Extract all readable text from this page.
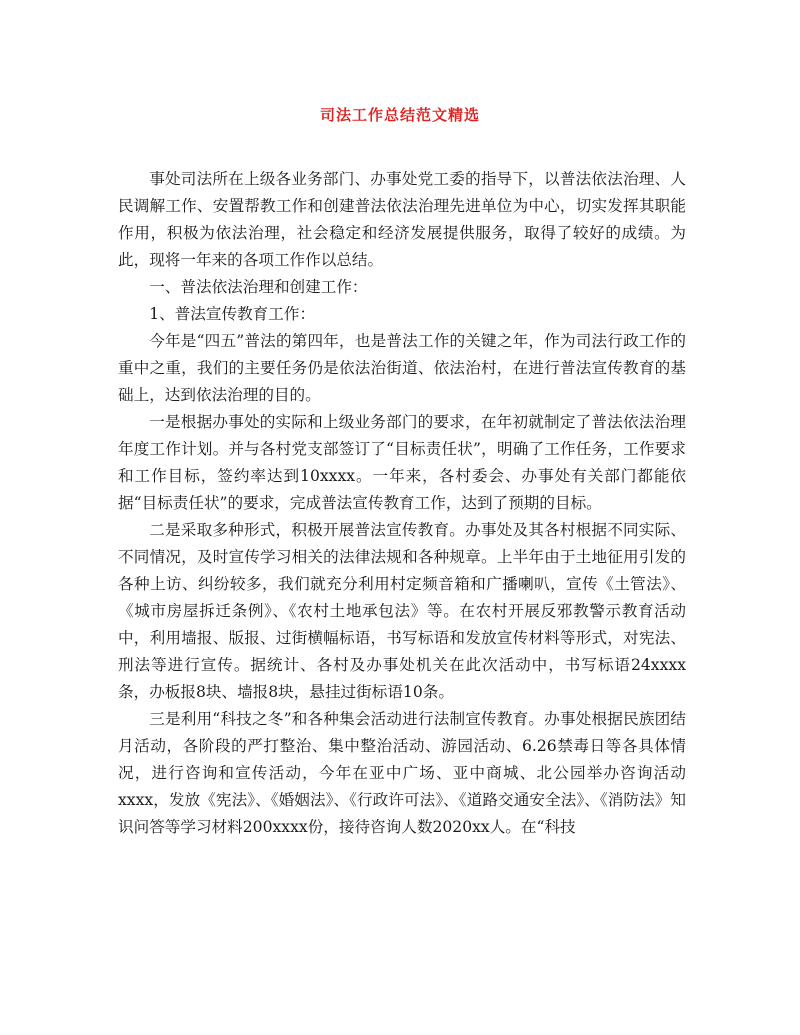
司法工作总结范文精选

事处司法所在上级各业务部门、办事处党工委的指导下，以普法依法治理、人民调解工作、安置帮教工作和创建普法依法治理先进单位为中心，切实发挥其职能作用，积极为依法治理，社会稳定和经济发展提供服务，取得了较好的成绩。为此，现将一年来的各项工作作以总结。

一、普法依法治理和创建工作：

1、普法宣传教育工作：

今年是“四五”普法的第四年，也是普法工作的关键之年，作为司法行政工作的重中之重，我们的主要任务仍是依法治街道、依法治村，在进行普法宣传教育的基础上，达到依法治理的目的。

一是根据办事处的实际和上级业务部门的要求，在年初就制定了普法依法治理年度工作计划。并与各村党支部签订了“目标责任状”，明确了工作任务，工作要求和工作目标，签约率达到10xxxx。一年来，各村委会、办事处有关部门都能依据“目标责任状”的要求，完成普法宣传教育工作，达到了预期的目标。

二是采取多种形式，积极开展普法宣传教育。办事处及其各村根据不同实际、不同情况，及时宣传学习相关的法律法规和各种规章。上半年由于土地征用引发的各种上访、纠纷较多，我们就充分利用村定频音箱和广播喇叭，宣传《土管法》、《城市房屋拆迁条例》、《农村土地承包法》等。在农村开展反邪教警示教育活动中，利用墙报、版报、过街横幅标语，书写标语和发放宣传材料等形式，对宪法、刑法等进行宣传。据统计、各村及办事处机关在此次活动中，书写标语24xxxx条，办板报8块、墙报8块，悬挂过街标语10条。

三是利用“科技之冬”和各种集会活动进行法制宣传教育。办事处根据民族团结月活动，各阶段的严打整治、集中整治活动、游园活动、6.26禁毒日等各具体情况，进行咨询和宣传活动，今年在亚中广场、亚中商城、北公园举办咨询活动xxxx，发放《宪法》、《婚姻法》、《行政许可法》、《道路交通安全法》、《消防法》知识问答等学习材料200xxxx份，接待咨询人数2020xx人。在“科技
